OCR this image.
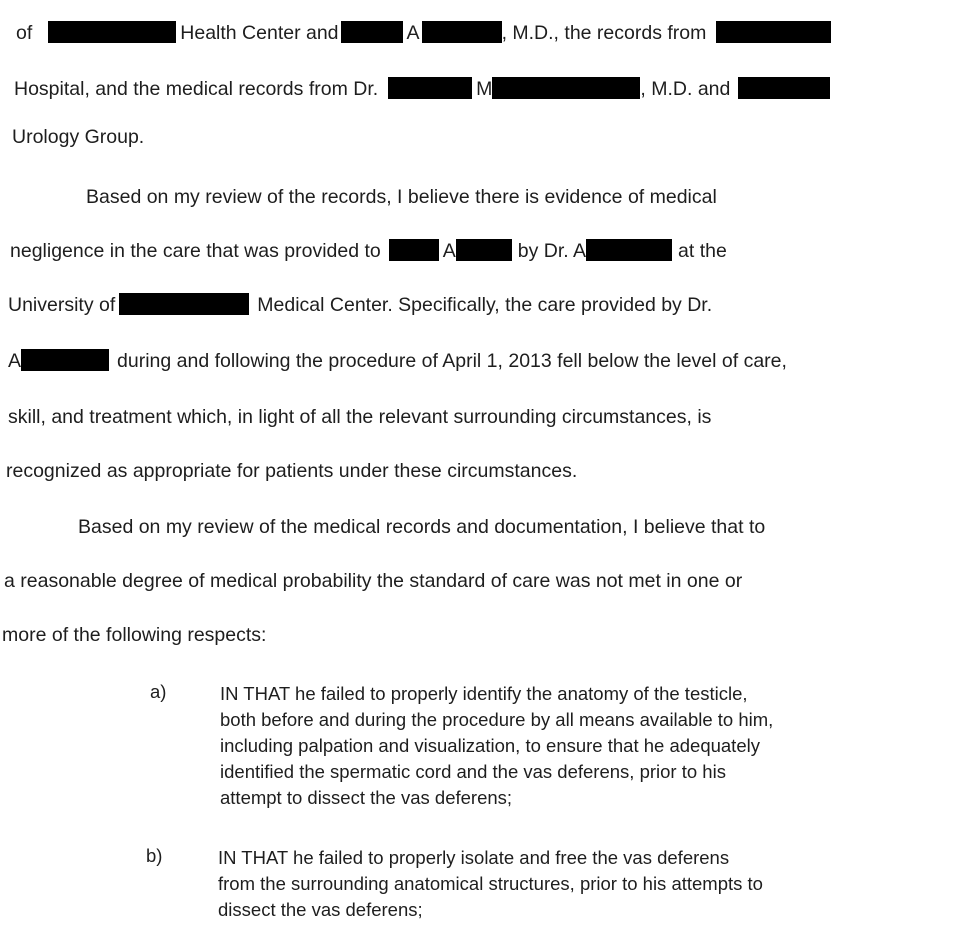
of	Health Center and	A	, M.D., the records from
Hospital, and the medical records from Dr.	M	, M.D. and
Urology Group.
Based on my review of the records, I believe there is evidence of medical
negligence in the care that was provided to	A	by Dr. A	at the
University of	Medical Center. Specifically, the care provided by Dr.
A	during and following the procedure of April 1, 2013 fell below the level of care,
skill, and treatment which, in light of all the relevant surrounding circumstances, is
recognized as appropriate for patients under these circumstances.
Based on my review of the medical records and documentation, I believe that to
a reasonable degree of medical probability the standard of care was not met in one or
more of the following respects:
a)	IN THAT he failed to properly identify the anatomy of the testicle,
both before and during the procedure by all means available to him,
including palpation and visualization, to ensure that he adequately
identified the spermatic cord and the vas deferens, prior to his
attempt to dissect the vas deferens;
b)	IN THAT he failed to properly isolate and free the vas deferens
from the surrounding anatomical structures, prior to his attempts to
dissect the vas deferens;
